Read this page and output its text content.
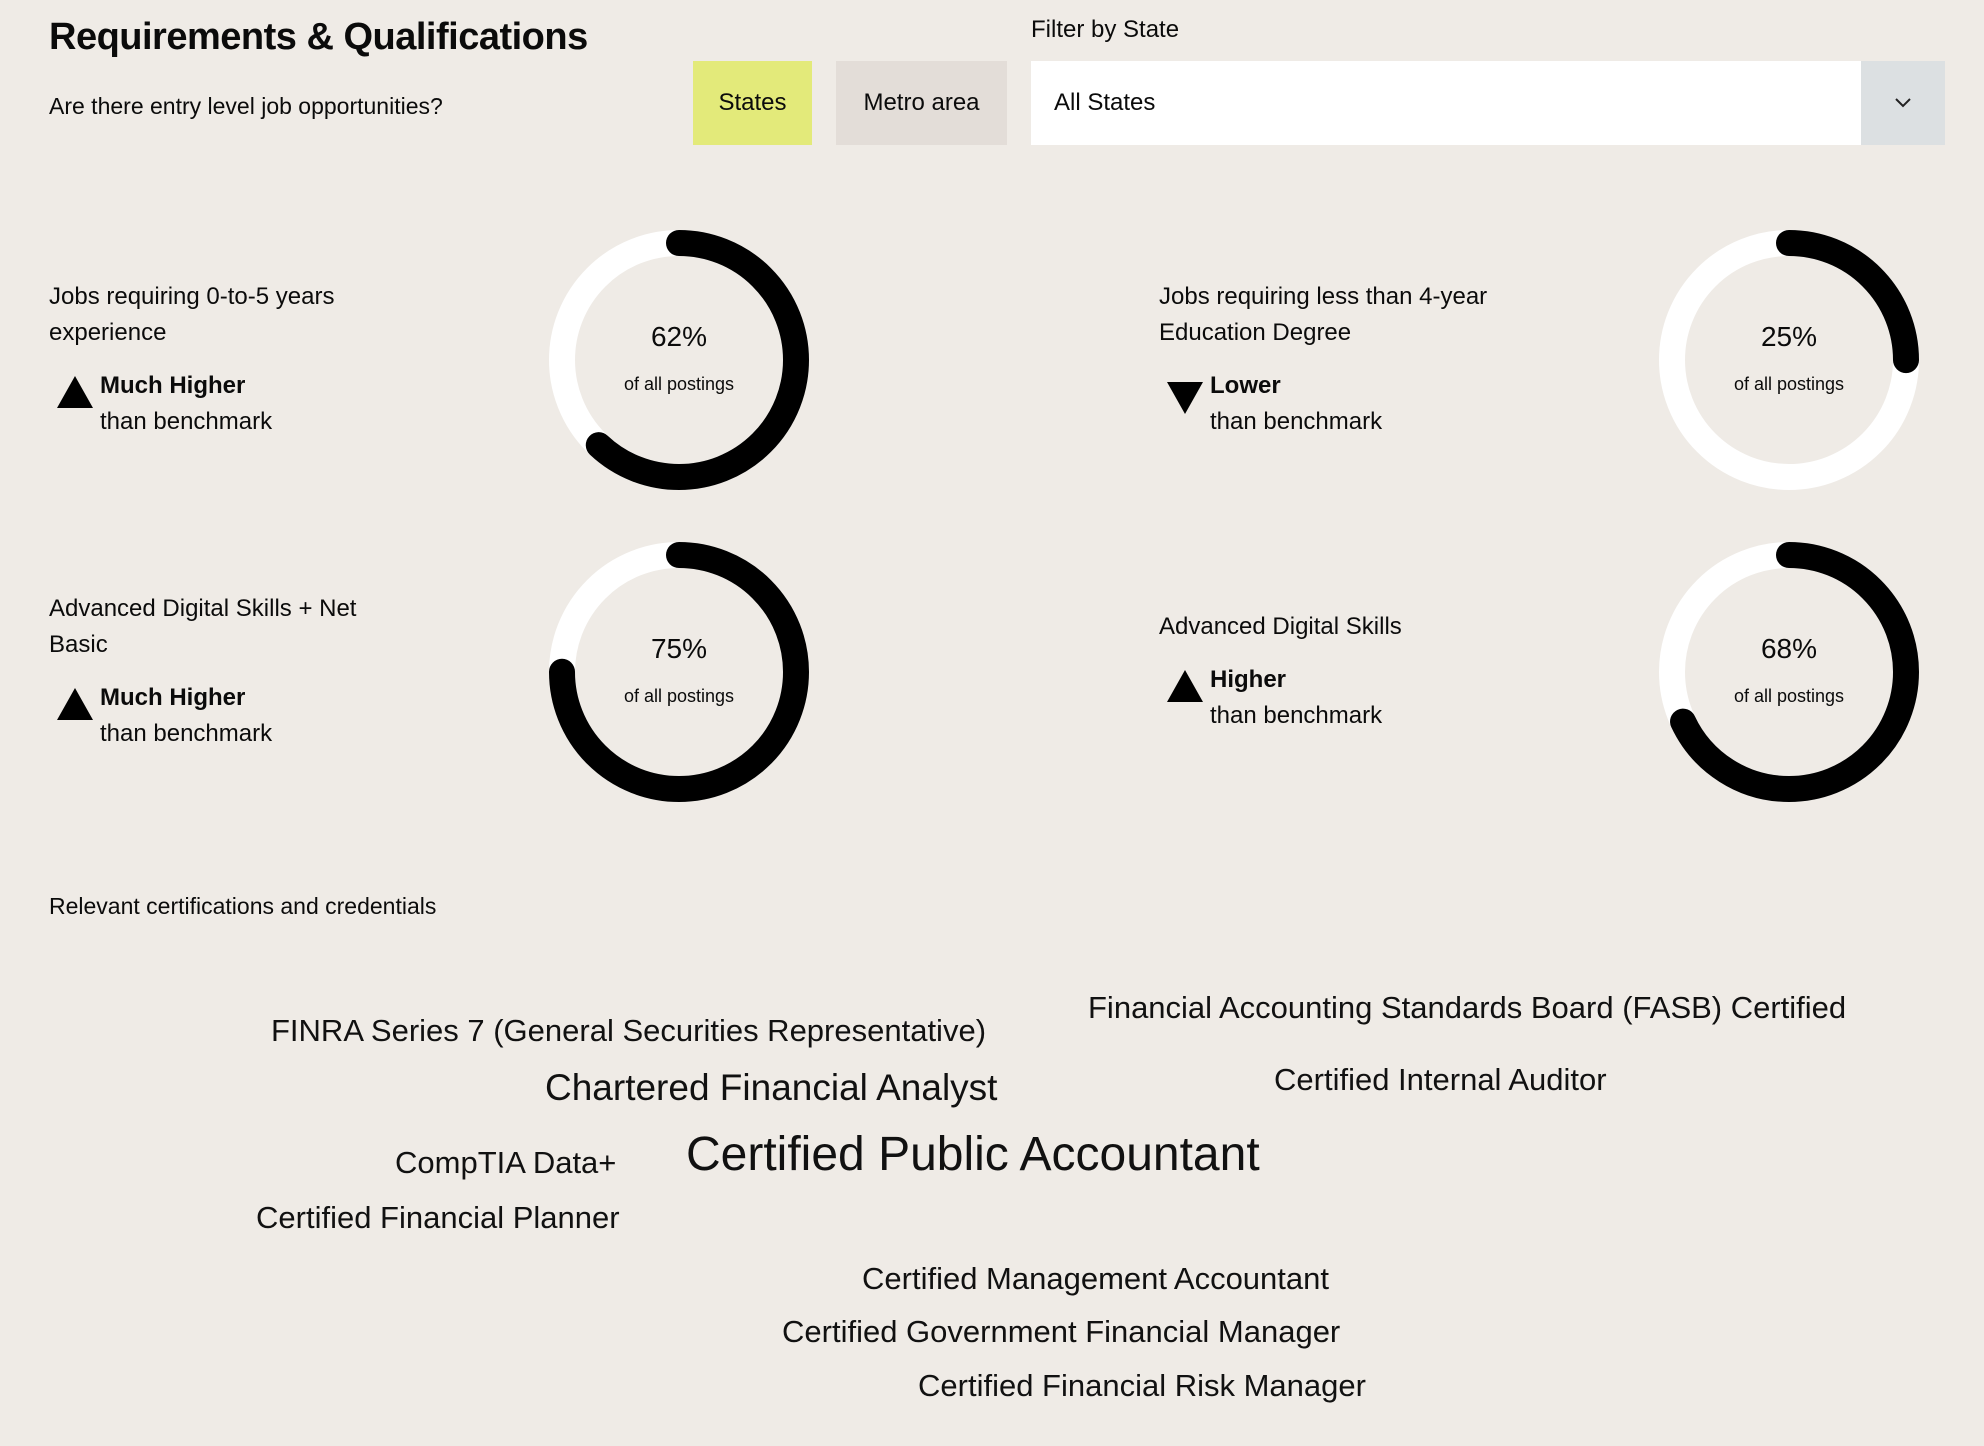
Requirements & Qualifications
Are there entry level job opportunities?	States	Metro area
Filter by State
All States
Jobs requiring 0-to-5 years experience
Much Higher
than benchmark
62%
of all postings
Jobs requiring less than 4-year Education Degree
Lower
than benchmark
25%
of all postings
Advanced Digital Skills + Net Basic
Much Higher
than benchmark
75%
of all postings
Advanced Digital Skills
Higher
than benchmark
68%
of all postings
Relevant certifications and credentials
Financial Accounting Standards Board (FASB) Certified
FINRA Series 7 (General Securities Representative)
Chartered Financial Analyst	Certified Internal Auditor
CompTIA Data+ Certified Public Accountant
Certified Financial Planner
Certified Management Accountant
Certified Government Financial Manager
Certified Financial Risk Manager
